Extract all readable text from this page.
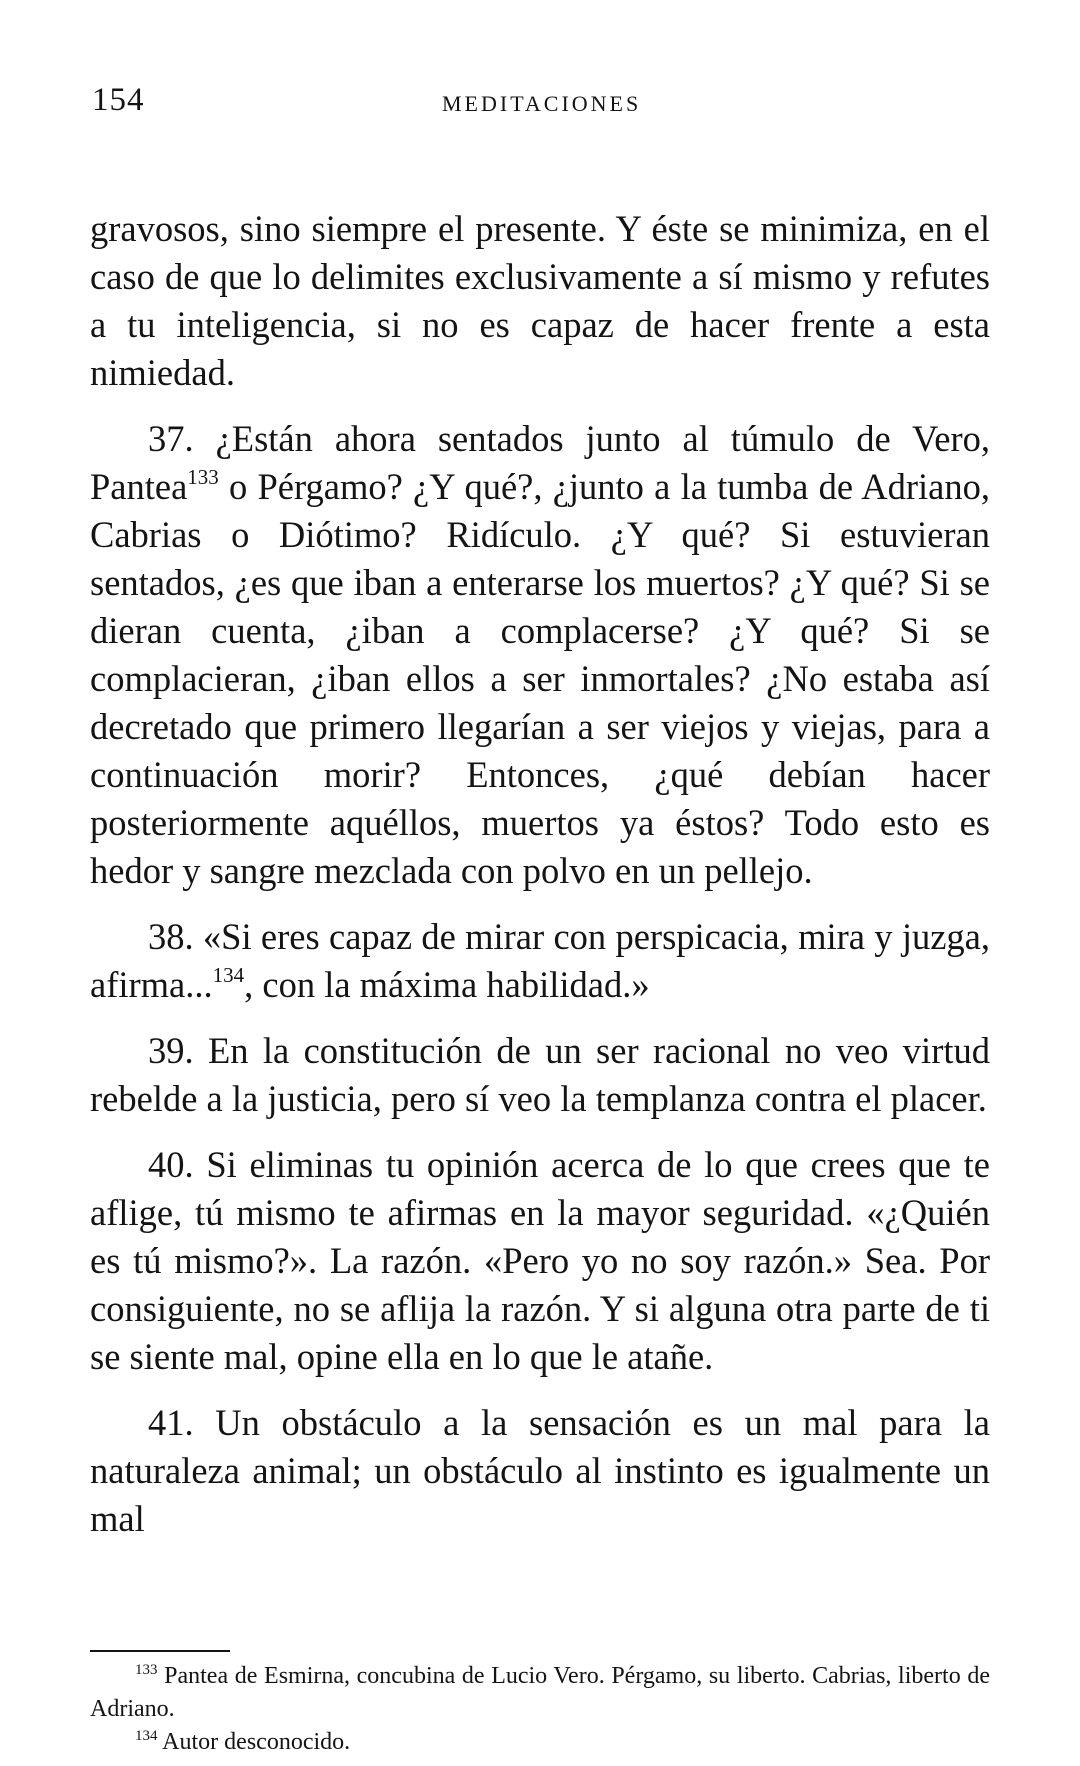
154	MEDITACIONES

gravosos, sino siempre el presente. Y éste se minimiza, en el caso de que lo delimites exclusivamente a sí mismo y refutes a tu inteligencia, si no es capaz de hacer frente a esta nimiedad.

37. ¿Están ahora sentados junto al túmulo de Vero, Pantea$^{133}$ o Pérgamo? ¿Y qué?, ¿junto a la tumba de Adriano, Cabrias o Diótimo? Ridículo. ¿Y qué? Si estuvieran sentados, ¿es que iban a enterarse los muertos? ¿Y qué? Si se dieran cuenta, ¿iban a complacerse? ¿Y qué? Si se complacieran, ¿iban ellos a ser inmortales? ¿No estaba así decretado que primero llegarían a ser viejos y viejas, para a continuación morir? Entonces, ¿qué debían hacer posteriormente aquéllos, muertos ya éstos? Todo esto es hedor y sangre mezclada con polvo en un pellejo.

38. «Si eres capaz de mirar con perspicacia, mira y juzga, afirma...$^{134}$, con la máxima habilidad.»

39. En la constitución de un ser racional no veo virtud rebelde a la justicia, pero sí veo la templanza contra el placer.

40. Si eliminas tu opinión acerca de lo que crees que te aflige, tú mismo te afirmas en la mayor seguridad. «¿Quién es tú mismo?». La razón. «Pero yo no soy razón.» Sea. Por consiguiente, no se aflija la razón. Y si alguna otra parte de ti se siente mal, opine ella en lo que le atañe.

41. Un obstáculo a la sensación es un mal para la naturaleza animal; un obstáculo al instinto es igualmente un mal

$^{133}$ Pantea de Esmirna, concubina de Lucio Vero. Pérgamo, su liberto. Cabrias, liberto de Adriano.

$^{134}$ Autor desconocido.
